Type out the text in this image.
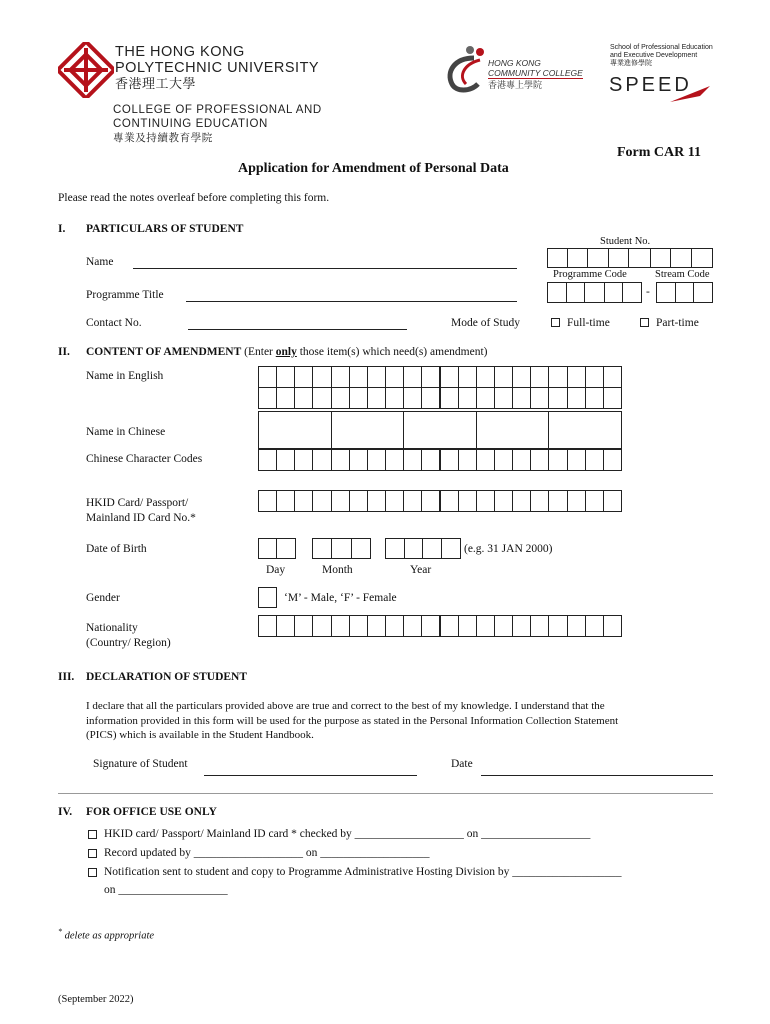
THE HONG KONG
POLYTECHNIC UNIVERSITY
香港理工大學
COLLEGE OF PROFESSIONAL AND
CONTINUING EDUCATION
專業及持續教育學院
HONG KONG
COMMUNITY COLLEGE
香港專上學院
School of Professional Education
and Executive Development
專業進修學院
SPEED
Form CAR 11
Application for Amendment of Personal Data
Please read the notes overleaf before completing this form.
I. PARTICULARS OF STUDENT
Student No.
Name
Programme Code	Stream Code
-
Programme Title
Contact No.	Mode of Study	Full-time	Part-time
II. CONTENT OF AMENDMENT (Enter only those item(s) which need(s) amendment)
Name in English
Name in Chinese
Chinese Character Codes
HKID Card/ Passport/
Mainland ID Card No.*
Date of Birth	(e.g. 31 JAN 2000)
Day	Month	Year
Gender	‘M’ - Male, ‘F’ - Female
Nationality
(Country/ Region)
III. DECLARATION OF STUDENT
I declare that all the particulars provided above are true and correct to the best of my knowledge. I understand that the
information provided in this form will be used for the purpose as stated in the Personal Information Collection Statement
(PICS) which is available in the Student Handbook.
Signature of Student	Date
IV. FOR OFFICE USE ONLY
HKID card/ Passport/ Mainland ID card * checked by ___________________ on ___________________
Record updated by ___________________ on ___________________
Notification sent to student and copy to Programme Administrative Hosting Division by ___________________
on ___________________
* delete as appropriate
(September 2022)
